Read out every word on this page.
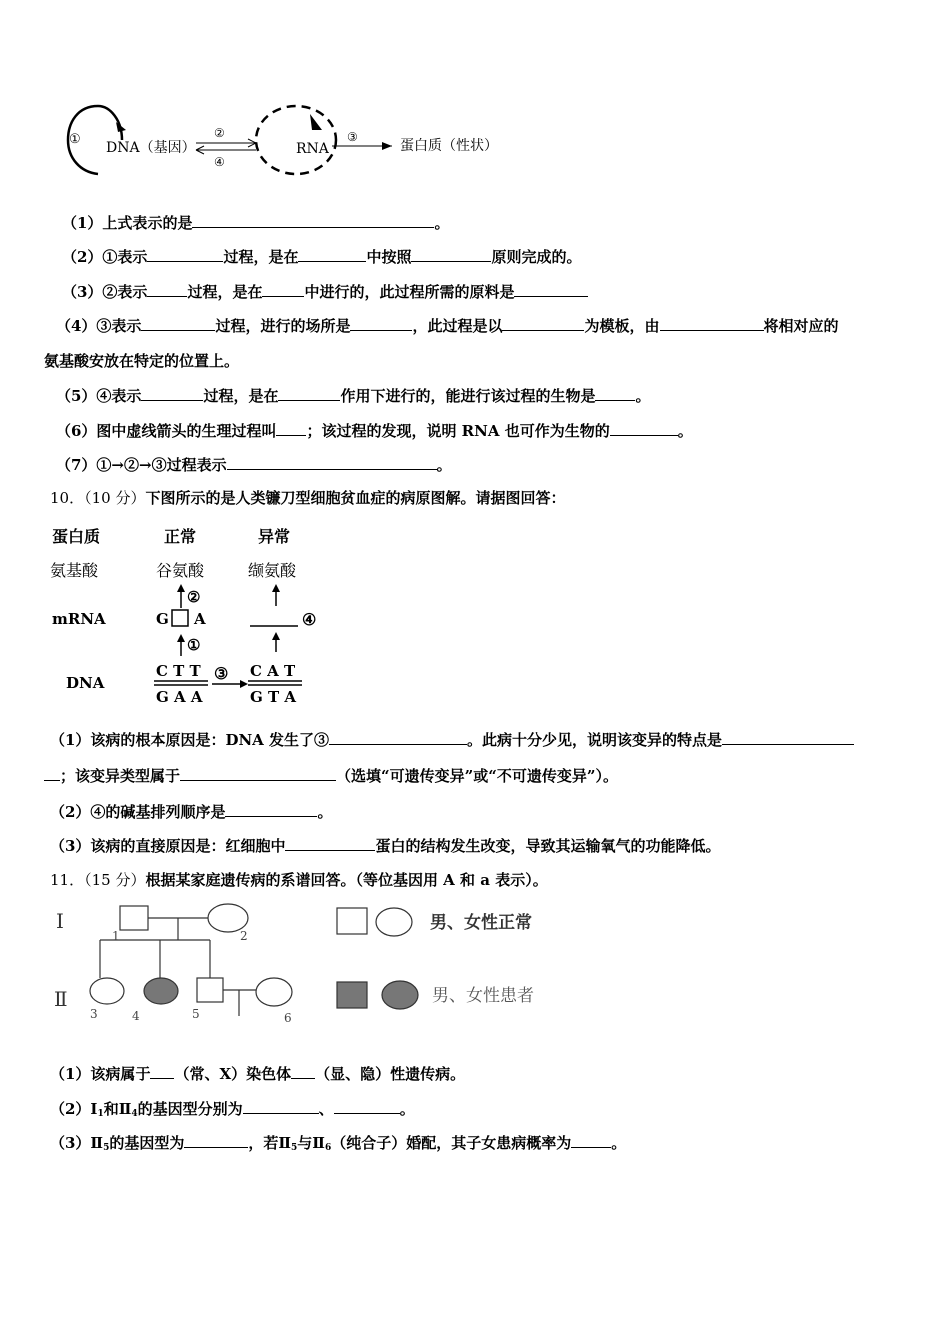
①
DNA（基因）
②
④
RNA
③
蛋白质（性状）
（1）上式表示的是	。
（2）①表示	过程，是在	中按照	原则完成的。
（3）②表示	过程，是在	中进行的，此过程所需的原料是
（4）③表示	过程，进行的场所是	，此过程是以	为模板，由	将相对应的
氨基酸安放在特定的位置上。
（5）④表示	过程，是在	作用下进行的，能进行该过程的生物是	。
（6）图中虚线箭头的生理过程叫 ；该过程的发现，说明 RNA 也可作为生物的	。
（7）①→②→③过程表示	。
10．（10 分）下图所示的是人类镰刀型细胞贫血症的病原图解。请据图回答：
蛋白质	正常	异常
氨基酸	谷氨酸	缬氨酸
②
mRNA	G A	④
①
DNA
C T T
G A A
③ C A T
G T A
（1）该病的根本原因是：DNA 发生了③	。此病十分少见，说明该变异的特点是
；该变异类型属于	（选填“可遗传变异”或“不可遗传变异”）。
（2）④的碱基排列顺序是	。
（3）该病的直接原因是：红细胞中	蛋白的结构发生改变，导致其运输氧气的功能降低。
11．（15 分）根据某家庭遗传病的系谱回答。（等位基因用 A 和 a 表示）。
Ⅰ
Ⅱ
1	2
3	4	5	6
男、女性正常
男、女性患者
（1）该病属于 （常、X）染色体 （显、隐）性遗传病。
$(2)Ⅰ_1$和$Ⅱ_4$的基因型分别为	、	。
$(3)Ⅱ_5$的基因型为	，若$Ⅱ_5$与$Ⅱ_6$（纯合子）婚配，其子女患病概率为	。
